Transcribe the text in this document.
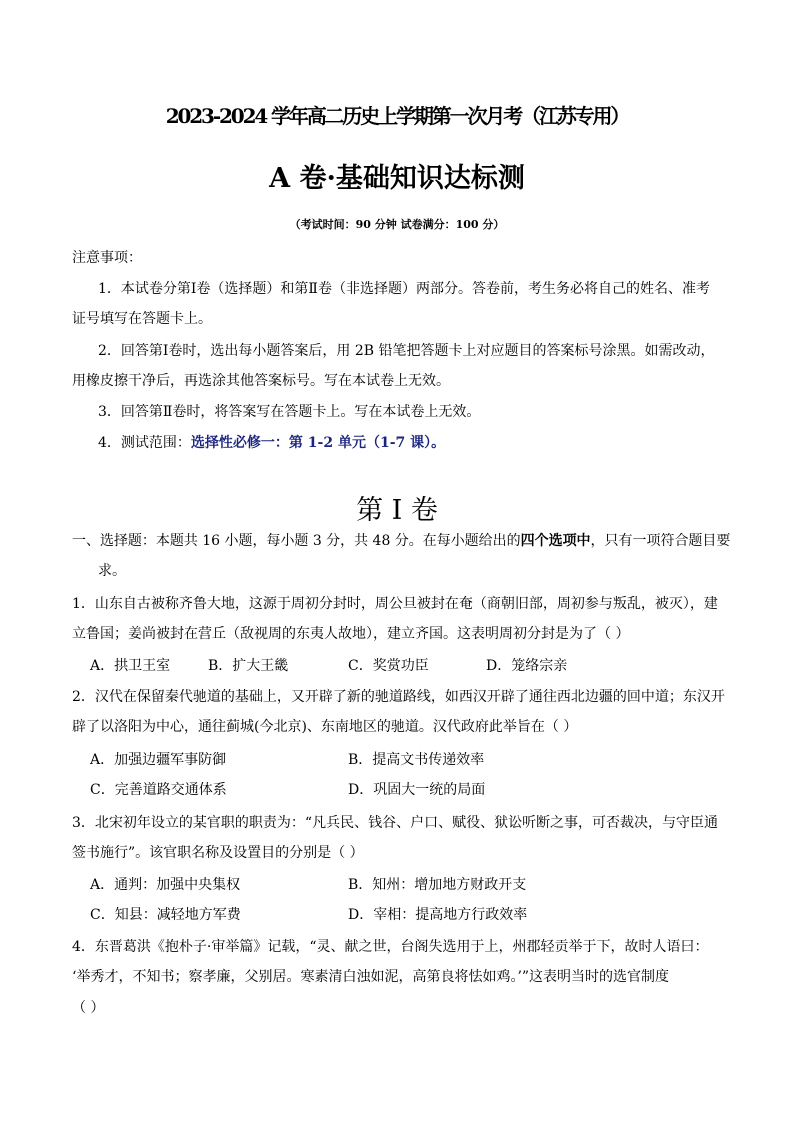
2023-2024 学年高二历史上学期第一次月考（江苏专用）
A 卷·基础知识达标测
（考试时间：90 分钟 试卷满分：100 分）
注意事项：
1．本试卷分第Ⅰ卷（选择题）和第Ⅱ卷（非选择题）两部分。答卷前，考生务必将自己的姓名、准考
证号填写在答题卡上。
2．回答第Ⅰ卷时，选出每小题答案后，用 2B 铅笔把答题卡上对应题目的答案标号涂黑。如需改动，
用橡皮擦干净后，再选涂其他答案标号。写在本试卷上无效。
3．回答第Ⅱ卷时，将答案写在答题卡上。写在本试卷上无效。
4．测试范围：选择性必修一：第 1-2 单元（1-7 课）。
第 I 卷
一、选择题：本题共 16 小题，每小题 3 分，共 48 分。在每小题给出的四个选项中，只有一项符合题目要
求。
1．山东自古被称齐鲁大地，这源于周初分封时，周公旦被封在奄（商朝旧部，周初参与叛乱，被灭），建
立鲁国；姜尚被封在营丘（敌视周的东夷人故地），建立齐国。这表明周初分封是为了（ ）
A．拱卫王室	B．扩大王畿	C．奖赏功臣	D．笼络宗亲
2．汉代在保留秦代驰道的基础上，又开辟了新的驰道路线，如西汉开辟了通往西北边疆的回中道；东汉开
辟了以洛阳为中心，通往蓟城(今北京)、东南地区的驰道。汉代政府此举旨在（ ）
A．加强边疆军事防御	B．提高文书传递效率
C．完善道路交通体系	D．巩固大一统的局面
3．北宋初年设立的某官职的职责为：“凡兵民、钱谷、户口、赋役、狱讼听断之事，可否裁决，与守臣通
签书施行”。该官职名称及设置目的分别是（ ）
A．通判：加强中央集权	B．知州：增加地方财政开支
C．知县：减轻地方军费	D．宰相：提高地方行政效率
4．东晋葛洪《抱朴子·审举篇》记载，“灵、献之世，台阁失选用于上，州郡轻贡举于下，故时人语曰：
‘举秀才，不知书；察孝廉，父别居。寒素清白浊如泥，高第良将怯如鸡。’”这表明当时的选官制度
（ ）
